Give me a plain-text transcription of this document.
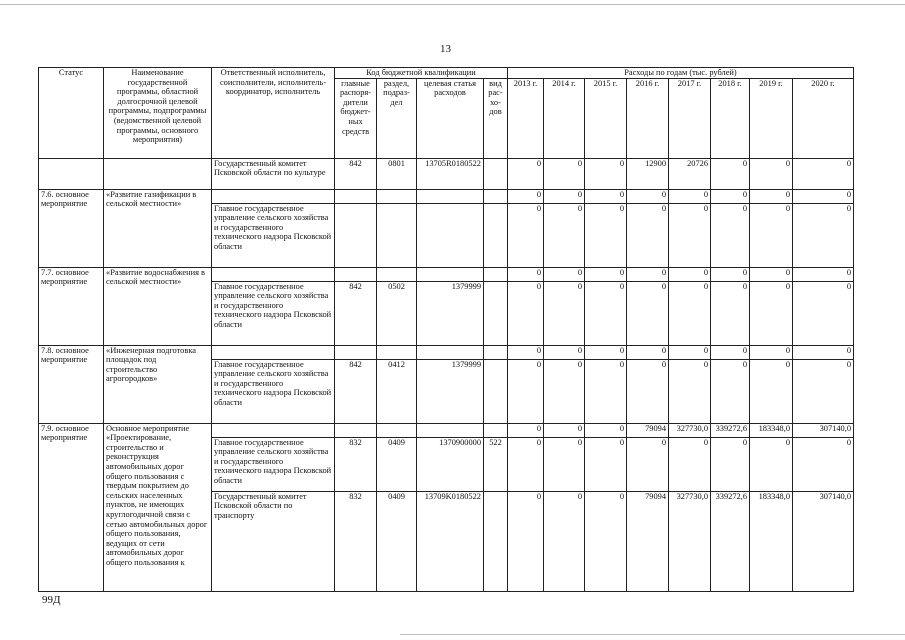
13
Статус	Наименование государственной программы, областной долгосрочной целевой программы, подпрограммы (ведомственной целевой программы, основного мероприятия)	Ответственный исполнитель, соисполнители, исполнитель-координатор, исполнитель	Код бюджетной квалификации				Расходы по годам (тыс. рублей)							
			главные распоря-дители бюджет-ных средств	раздел, подраз-дел	целевая статья расходов	вид рас-хо-дов	2013 г.	2014 г.	2015 г.	2016 г.	2017 г.	2018 г.	2019 г.	2020 г.
		Государственный комитет Псковской области по культуре	842	0801	13705R0180522		0	0	0	12900	20726	0	0	0
7.6. основное мероприятие	«Развитие газификации в сельской местности»						0	0	0	0	0	0	0	0
		Главное государственное управление сельского хозяйства и государственного технического надзора Псковской области					0	0	0	0	0	0	0	0
7.7. основное мероприятие	«Развитие водоснабжения в сельской местности»						0	0	0	0	0	0	0	0
		Главное государственное управление сельского хозяйства и государственного технического надзора Псковской области	842	0502	1379999		0	0	0	0	0	0	0	0
7.8. основное мероприятие	«Инженерная подготовка площадок под строительство агрогородков»						0	0	0	0	0	0	0	0
		Главное государственное управление сельского хозяйства и государственного технического надзора Псковской области	842	0412	1379999		0	0	0	0	0	0	0	0
7.9. основное мероприятие	Основное мероприятие «Проектирование, строительство и реконструкция автомобильных дорог общего пользования с твердым покрытием до сельских населенных пунктов, не имеющих круглогодичной связи с сетью автомобильных дорог общего пользования, ведущих от сети автомобильных дорог общего пользования к						0	0	0	79094	327730,0	339272,6	183348,0	307140,0
		Главное государственное управление сельского хозяйства и государственного технического надзора Псковской области	832	0409	1370900000	522	0	0	0	0	0	0	0	0
		Государственный комитет Псковской области по транспорту	832	0409	13709K0180522		0	0	0	79094	327730,0	339272,6	183348,0	307140,0
99Д
